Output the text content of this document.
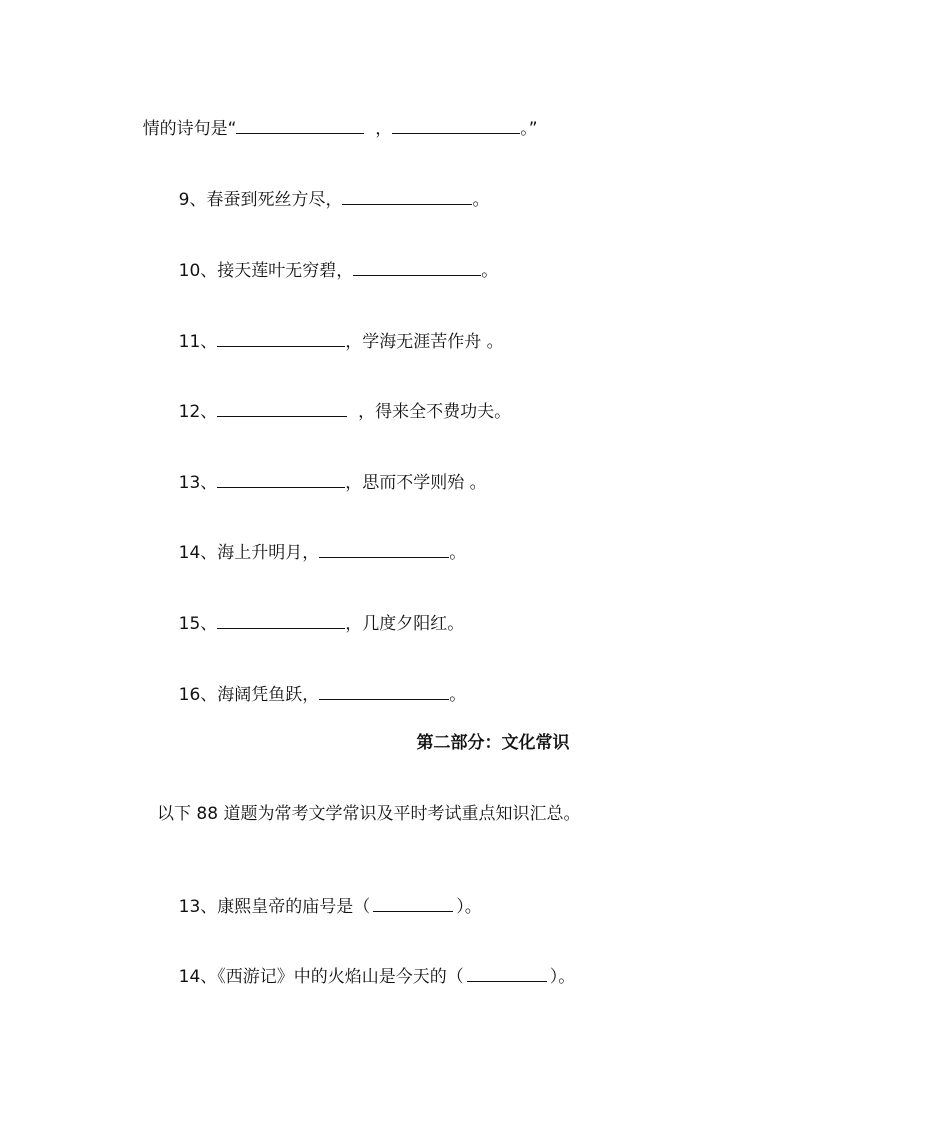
情的诗句是“	，	。”

9、春蚕到死丝方尽，	。

10、接天莲叶无穷碧，	。

11、	，学海无涯苦作舟 。

12、	，得来全不费功夫。

13、	，思而不学则殆 。

14、海上升明月，	。

15、	，几度夕阳红。

16、海阔凭鱼跃，	。

第二部分：文化常识
以下 88 道题为常考文学常识及平时考试重点知识汇总。

13、康熙皇帝的庙号是（	）。

14、《西游记》中的火焰山是今天的（	）。
